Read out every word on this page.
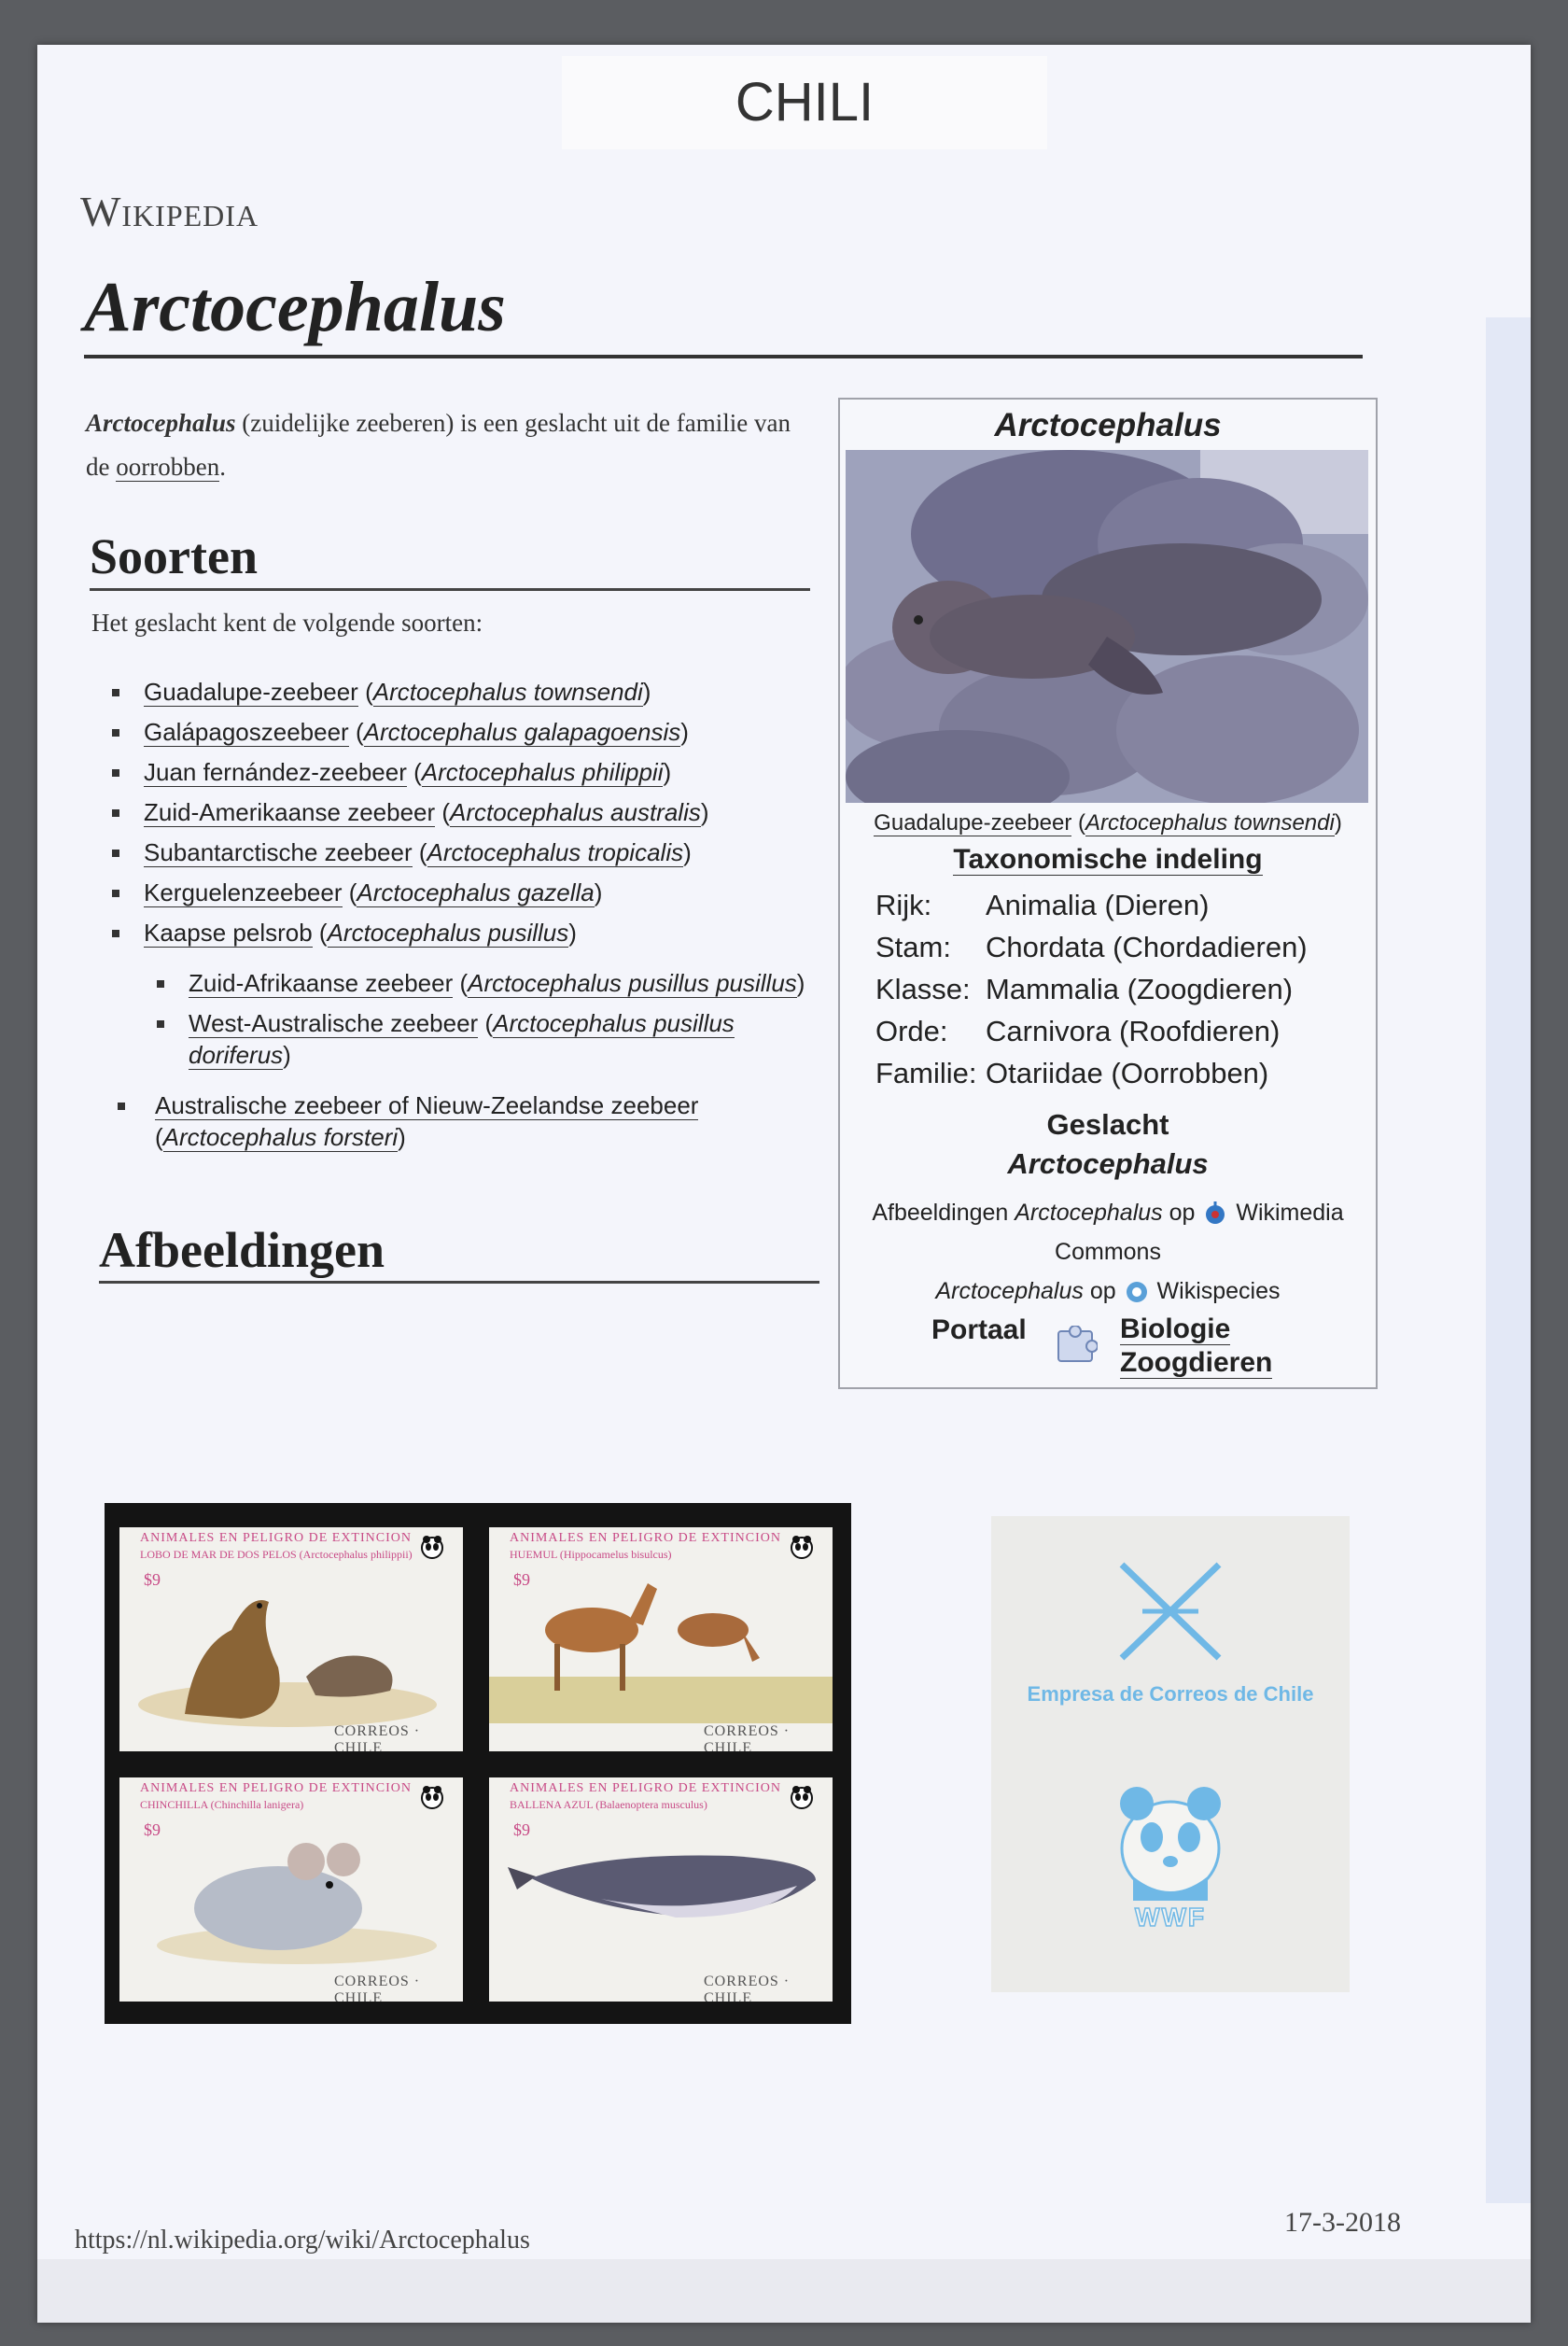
CHILI
Wikipedia
Arctocephalus
Arctocephalus (zuidelijke zeeberen) is een geslacht uit de familie van de oorrobben.
Soorten
Het geslacht kent de volgende soorten:
Guadalupe-zeebeer (Arctocephalus townsendi)
Galápagoszeebeer (Arctocephalus galapagoensis)
Juan fernández-zeebeer (Arctocephalus philippii)
Zuid-Amerikaanse zeebeer (Arctocephalus australis)
Subantarctische zeebeer (Arctocephalus tropicalis)
Kerguelenzeebeer (Arctocephalus gazella)
Kaapse pelsrob (Arctocephalus pusillus)
Zuid-Afrikaanse zeebeer (Arctocephalus pusillus pusillus)
West-Australische zeebeer (Arctocephalus pusillus doriferus)
Australische zeebeer of Nieuw-Zeelandse zeebeer (Arctocephalus forsteri)
Afbeeldingen
Arctocephalus
Guadalupe-zeebeer (Arctocephalus townsendi)
Taxonomische indeling
Rijk: Animalia (Dieren)
Stam: Chordata (Chordadieren)
Klasse: Mammalia (Zoogdieren)
Orde: Carnivora (Roofdieren)
Familie: Otariidae (Oorrobben)
Geslacht
Arctocephalus
Afbeeldingen Arctocephalus op  Wikimedia Commons
Arctocephalus op  Wikispecies
Portaal	Biologie
Zoogdieren
ANIMALES EN PELIGRO DE EXTINCION
LOBO DE MAR DE DOS PELOS (Arctocephalus philippii)
$9
CORREOS · CHILE
ANIMALES EN PELIGRO DE EXTINCION
HUEMUL (Hippocamelus bisulcus)
$9
CORREOS · CHILE
ANIMALES EN PELIGRO DE EXTINCION
CHINCHILLA (Chinchilla lanigera)
$9
CORREOS · CHILE
ANIMALES EN PELIGRO DE EXTINCION
BALLENA AZUL (Balaenoptera musculus)
$9
CORREOS · CHILE
Empresa de Correos de Chile
WWF
https://nl.wikipedia.org/wiki/Arctocephalus
17-3-2018
